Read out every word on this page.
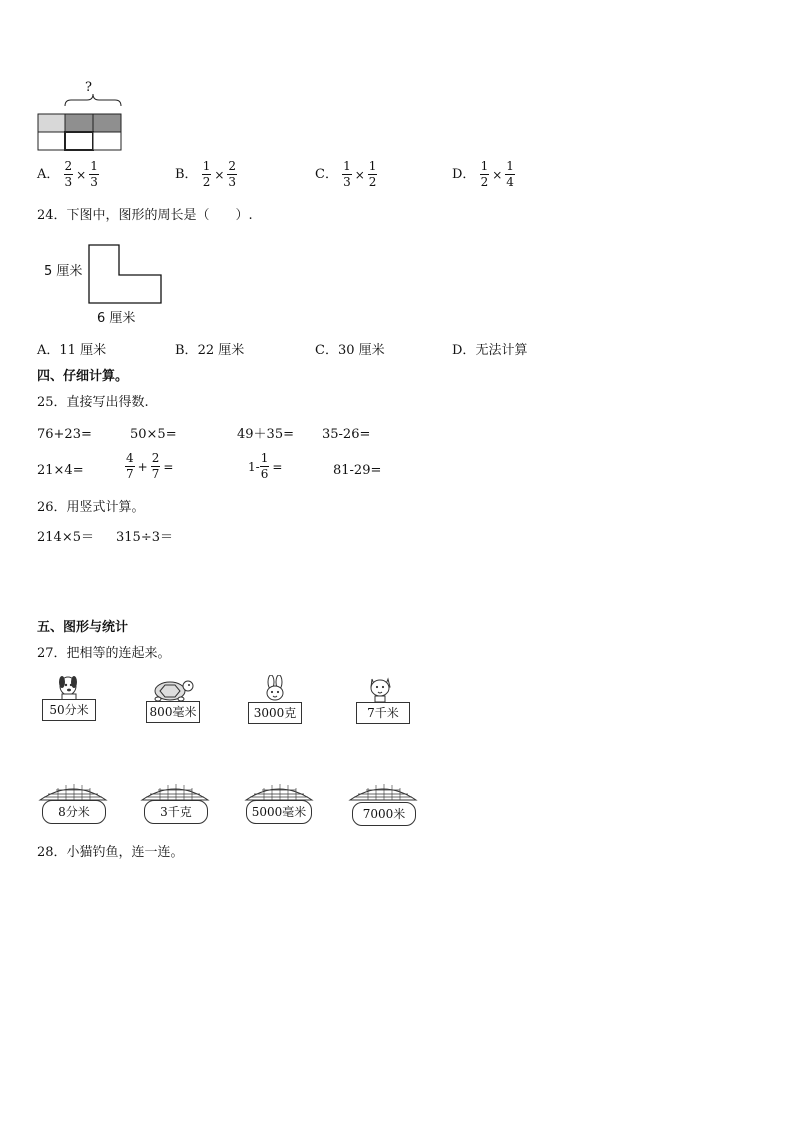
?
A． $\frac{2}{3} \times \frac{1}{3}$	B． $\frac{1}{2} \times \frac{2}{3}$	C． $\frac{1}{3} \times \frac{1}{2}$	D． $\frac{1}{2} \times \frac{1}{4}$
24．下图中，图形的周长是（　　）.
5 厘米
6 厘米
A．11 厘米	B．22 厘米	C．30 厘米	D．无法计算
四、仔细计算。
25．直接写出得数.
76+23=	50×5=	49＋35= 35-26=
21×4=	$\frac{4}{7} + \frac{2}{7}$ =	$1- \frac{1}{6}$ =	81-29=
26．用竖式计算。
214×5＝ 315÷3＝
五、图形与统计
27．把相等的连起来。
50分米	800毫米	3000克	7千米
8分米	3千克	5000毫米	7000米
28．小猫钓鱼，连一连。
